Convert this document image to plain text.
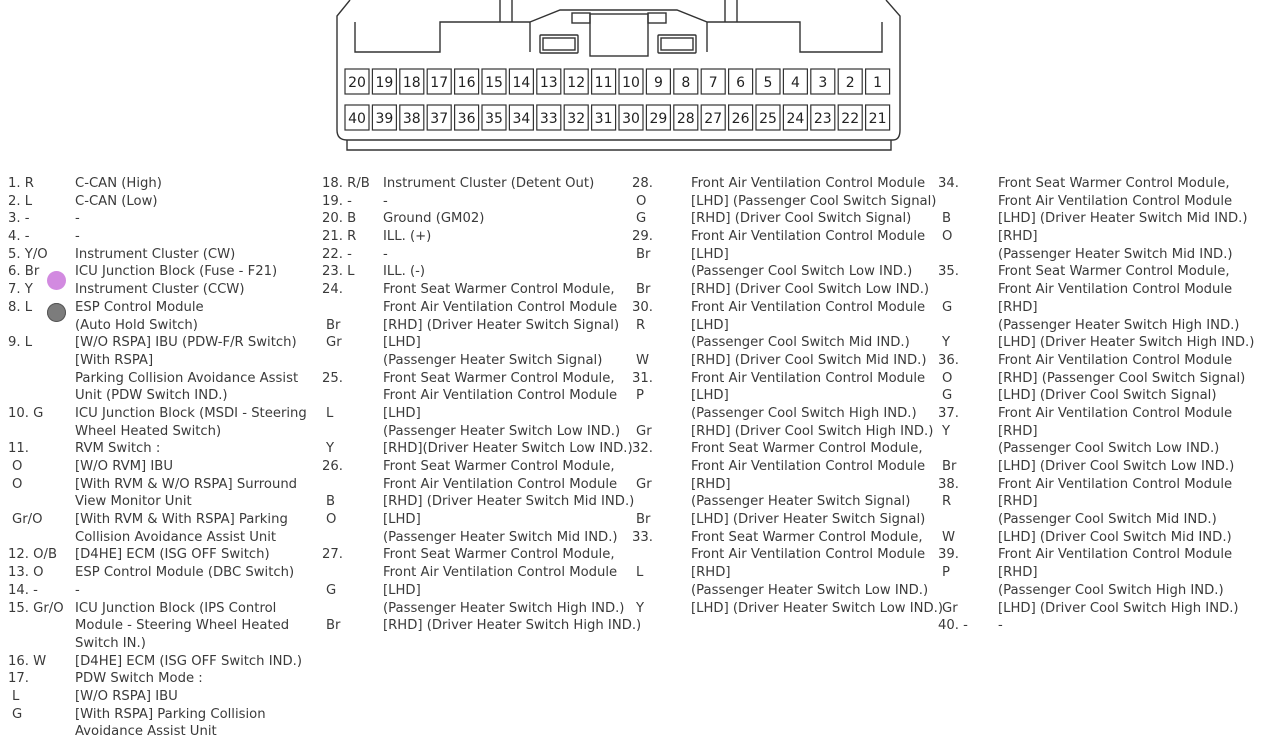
20 19 18 17 16 15 14 13 12 11 10 9 8 7 6 5 4 3 2 1
40 39 38 37 36 35 34 33 32 31 30 29 28 27 26 25 24 23 22 21
1. R	C-CAN (High)
2. L	C-CAN (Low)
3. -	-
4. -	-
5. Y/O Instrument Cluster (CW)
6. Br	ICU Junction Block (Fuse - F21)
7. Y	Instrument Cluster (CCW)
8. L	ESP Control Module
(Auto Hold Switch)
9. L	[W/O RSPA] IBU (PDW-F/R Switch)
[With RSPA]
Parking Collision Avoidance Assist
Unit (PDW Switch IND.)
10. G ICU Junction Block (MSDI - Steering
Wheel Heated Switch)
11.	RVM Switch :
O	[W/O RVM] IBU
O	[With RVM & W/O RSPA] Surround
View Monitor Unit
Gr/O [With RVM & With RSPA] Parking
Collision Avoidance Assist Unit
12. O/B [D4HE] ECM (ISG OFF Switch)
13. O ESP Control Module (DBC Switch)
14. -	-
15. Gr/O ICU Junction Block (IPS Control
Module - Steering Wheel Heated
Switch IN.)
16. W [D4HE] ECM (ISG OFF Switch IND.)
17.	PDW Switch Mode :
L	[W/O RSPA] IBU
G	[With RSPA] Parking Collision
Avoidance Assist Unit
18. R/B Instrument Cluster (Detent Out)
19. - -
20. B Ground (GM02)
21. R ILL. (+)
22. - -
23. L ILL. (-)
24.	Front Seat Warmer Control Module,
Front Air Ventilation Control Module
Br	[RHD] (Driver Heater Switch Signal)
Gr	[LHD]
(Passenger Heater Switch Signal)
25.	Front Seat Warmer Control Module,
Front Air Ventilation Control Module
L	[LHD]
(Passenger Heater Switch Low IND.)
Y	[RHD](Driver Heater Switch Low IND.)
26.	Front Seat Warmer Control Module,
Front Air Ventilation Control Module
B	[RHD] (Driver Heater Switch Mid IND.)
O	[LHD]
(Passenger Heater Switch Mid IND.)
27.	Front Seat Warmer Control Module,
Front Air Ventilation Control Module
G	[LHD]
(Passenger Heater Switch High IND.)
Br	[RHD] (Driver Heater Switch High IND.)
28.	Front Air Ventilation Control Module
O	[LHD] (Passenger Cool Switch Signal)
G	[RHD] (Driver Cool Switch Signal)
29.	Front Air Ventilation Control Module
Br	[LHD]
(Passenger Cool Switch Low IND.)
Br	[RHD] (Driver Cool Switch Low IND.)
30.	Front Air Ventilation Control Module
R	[LHD]
(Passenger Cool Switch Mid IND.)
W	[RHD] (Driver Cool Switch Mid IND.)
31.	Front Air Ventilation Control Module
P	[LHD]
(Passenger Cool Switch High IND.)
Gr	[RHD] (Driver Cool Switch High IND.)
32.	Front Seat Warmer Control Module,
Front Air Ventilation Control Module
Gr	[RHD]
(Passenger Heater Switch Signal)
Br	[LHD] (Driver Heater Switch Signal)
33.	Front Seat Warmer Control Module,
Front Air Ventilation Control Module
L	[RHD]
(Passenger Heater Switch Low IND.)
Y	[LHD] (Driver Heater Switch Low IND.)
34.	Front Seat Warmer Control Module,
Front Air Ventilation Control Module
B	[LHD] (Driver Heater Switch Mid IND.)
O	[RHD]
(Passenger Heater Switch Mid IND.)
35.	Front Seat Warmer Control Module,
Front Air Ventilation Control Module
G	[RHD]
(Passenger Heater Switch High IND.)
Y	[LHD] (Driver Heater Switch High IND.)
36.	Front Air Ventilation Control Module
O	[RHD] (Passenger Cool Switch Signal)
G	[LHD] (Driver Cool Switch Signal)
37.	Front Air Ventilation Control Module
Y	[RHD]
(Passenger Cool Switch Low IND.)
Br	[LHD] (Driver Cool Switch Low IND.)
38.	Front Air Ventilation Control Module
R	[RHD]
(Passenger Cool Switch Mid IND.)
W	[LHD] (Driver Cool Switch Mid IND.)
39.	Front Air Ventilation Control Module
P	[RHD]
(Passenger Cool Switch High IND.)
Gr	[LHD] (Driver Cool Switch High IND.)
40. - -
